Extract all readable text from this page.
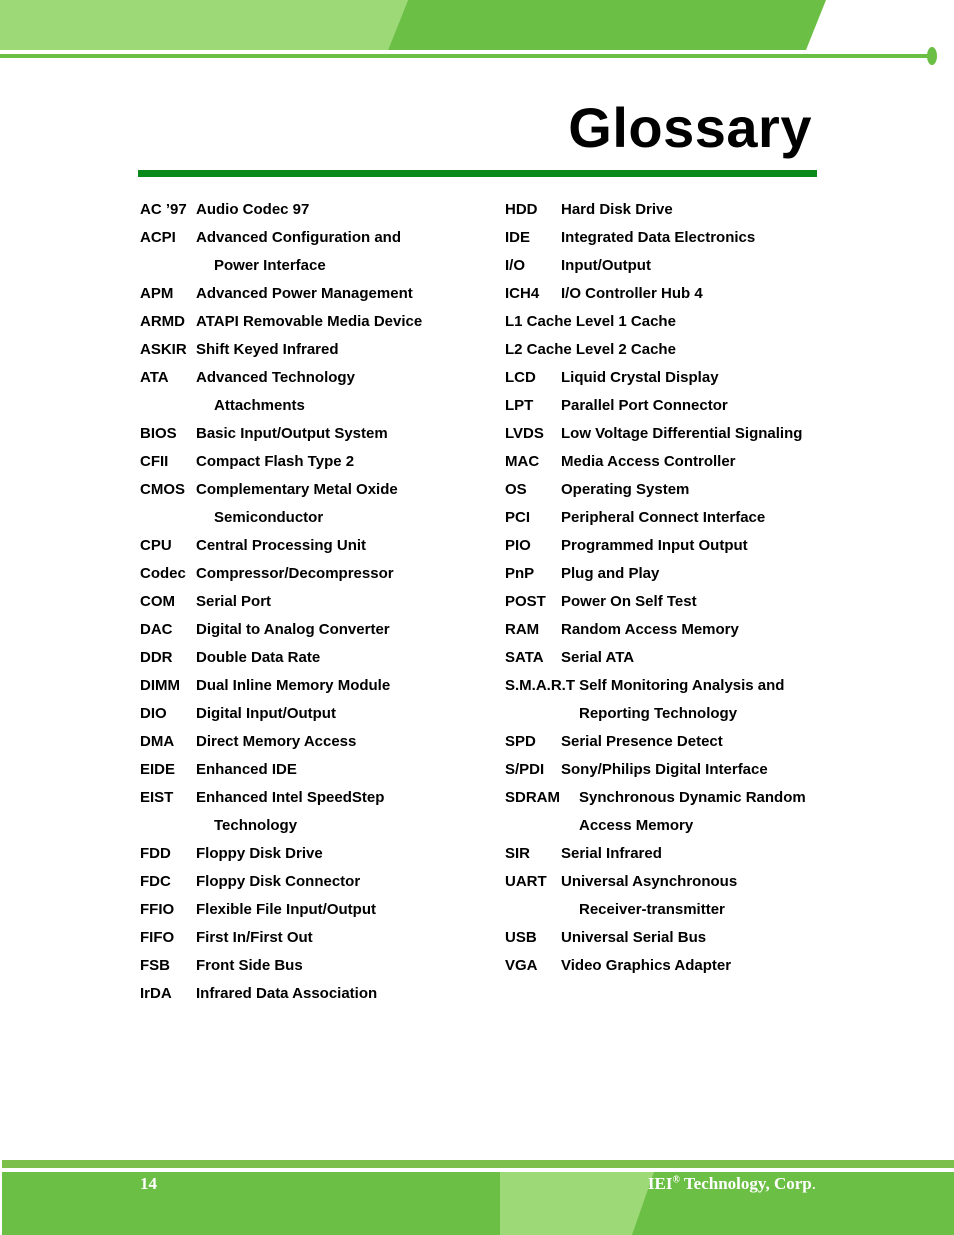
Glossary
AC ’97 Audio Codec 97
ACPI Advanced Configuration and
Power Interface
APM Advanced Power Management
ARMD ATAPI Removable Media Device
ASKIR Shift Keyed Infrared
ATA Advanced Technology
Attachments
BIOS Basic Input/Output System
CFII Compact Flash Type 2
CMOS Complementary Metal Oxide
Semiconductor
CPU Central Processing Unit
Codec Compressor/Decompressor
COM Serial Port
DAC Digital to Analog Converter
DDR Double Data Rate
DIMM Dual Inline Memory Module
DIO Digital Input/Output
DMA Direct Memory Access
EIDE Enhanced IDE
EIST Enhanced Intel SpeedStep
Technology
FDD Floppy Disk Drive
FDC Floppy Disk Connector
FFIO Flexible File Input/Output
FIFO First In/First Out
FSB Front Side Bus
IrDA Infrared Data Association
HDD Hard Disk Drive
IDE Integrated Data Electronics
I/O Input/Output
ICH4 I/O Controller Hub 4
L1 Cache Level 1 Cache
L2 Cache Level 2 Cache
LCD Liquid Crystal Display
LPT Parallel Port Connector
LVDS Low Voltage Differential Signaling
MAC Media Access Controller
OS Operating System
PCI Peripheral Connect Interface
PIO Programmed Input Output
PnP Plug and Play
POST Power On Self Test
RAM Random Access Memory
SATA Serial ATA
S.M.A.R.T Self Monitoring Analysis and
Reporting Technology
SPD Serial Presence Detect
S/PDI Sony/Philips Digital Interface
SDRAM Synchronous Dynamic Random
Access Memory
SIR Serial Infrared
UART Universal Asynchronous
Receiver-transmitter
USB Universal Serial Bus
VGA Video Graphics Adapter
14	IEI® Technology, Corp.
